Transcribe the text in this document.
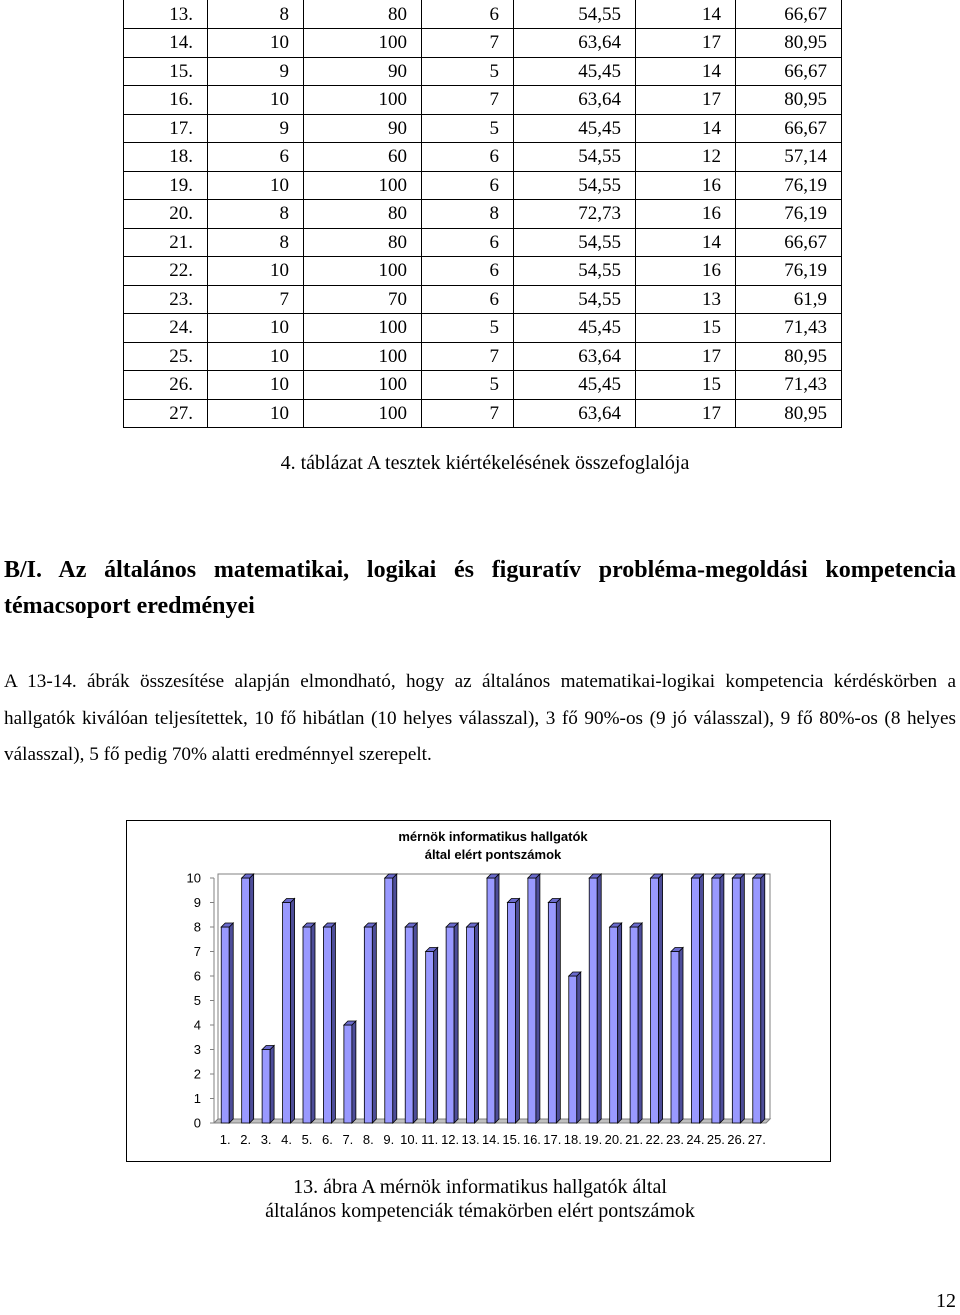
13.	8	80	6	54,55	14	66,67
14.	10	100	7	63,64	17	80,95
15.	9	90	5	45,45	14	66,67
16.	10	100	7	63,64	17	80,95
17.	9	90	5	45,45	14	66,67
18.	6	60	6	54,55	12	57,14
19.	10	100	6	54,55	16	76,19
20.	8	80	8	72,73	16	76,19
21.	8	80	6	54,55	14	66,67
22.	10	100	6	54,55	16	76,19
23.	7	70	6	54,55	13	61,9
24.	10	100	5	45,45	15	71,43
25.	10	100	7	63,64	17	80,95
26.	10	100	5	45,45	15	71,43
27.	10	100	7	63,64	17	80,95
4. táblázat A tesztek kiértékelésének összefoglalója

B/I. Az általános matematikai, logikai és figuratív probléma-megoldási kompetencia témacsoport eredményei

A 13-14. ábrák összesítése alapján elmondható, hogy az általános matematikai-logikai kompetencia kérdéskörben a hallgatók kiválóan teljesítettek, 10 fő hibátlan (10 helyes válasszal), 3 fő 90%-os (9 jó válasszal), 9 fő 80%-os (8 helyes válasszal), 5 fő pedig 70% alatti eredménnyel szerepelt.

mérnök informatikus hallgatók
által elért pontszámok
0
1
2
3
4
5
6
7
8
9
10
1. 2. 3. 4. 5. 6. 7. 8. 9. 10. 11. 12. 13. 14. 15. 16. 17. 18. 19. 20. 21. 22. 23. 24. 25. 26. 27.
13. ábra A mérnök informatikus hallgatók által
általános kompetenciák témakörben elért pontszámok
12
